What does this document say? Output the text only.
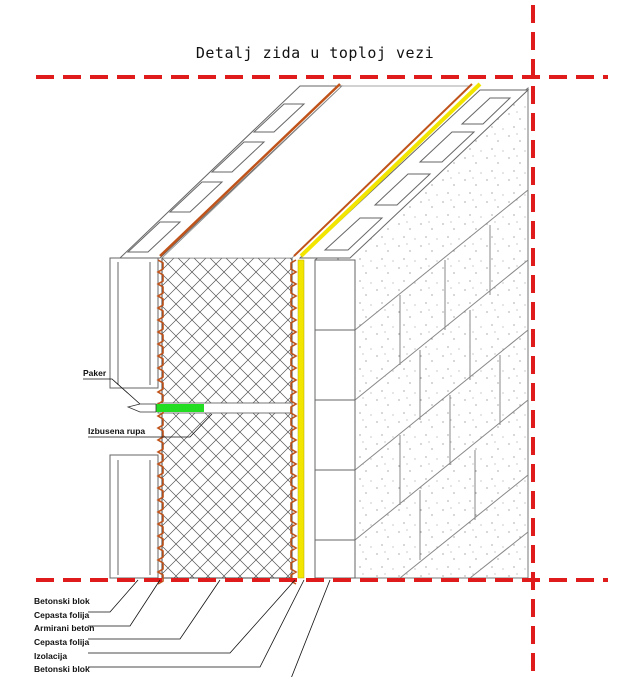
Detalj zida u toploj vezi
Paker
Izbusena rupa
Betonski blok
Cepasta folija
Armirani beton
Cepasta folija
Izolacija
Betonski blok
